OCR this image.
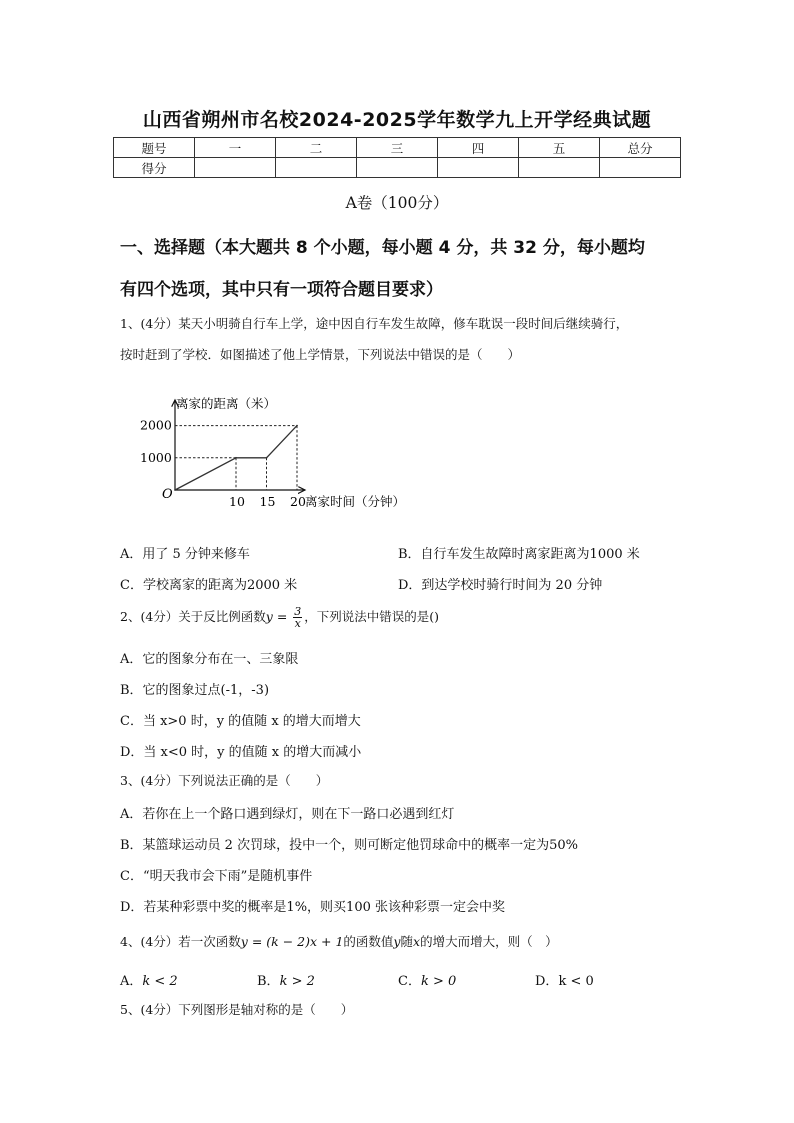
山西省朔州市名校2024-2025学年数学九上开学经典试题
题号	一	二	三	四	五	总分
得分						
A卷（100分）
一、选择题（本大题共 8 个小题，每小题 4 分，共 32 分，每小题均
有四个选项，其中只有一项符合题目要求）
1、(4分）某天小明骑自行车上学，途中因自行车发生故障，修车耽误一段时间后继续骑行，
按时赶到了学校．如图描述了他上学情景，下列说法中错误的是（　　）
离家的距离（米）
离家时间（分钟）
O	10 15 20
1000
2000
A．用了 5 分钟来修车	B．自行车发生故障时离家距离为1000 米
C．学校离家的距离为2000 米	D．到达学校时骑行时间为 20 分钟
2、(4分）关于反比例函数$y = \frac{3}{x}$ ，下列说法中错误的是()
A．它的图象分布在一、三象限
B．它的图象过点(-1，-3)
C．当 x>0 时，y 的值随 x 的增大而增大
D．当 x<0 时，y 的值随 x 的增大而减小
3、(4分）下列说法正确的是（　　）
A．若你在上一个路口遇到绿灯，则在下一路口必遇到红灯
B．某篮球运动员 2 次罚球，投中一个，则可断定他罚球命中的概率一定为50%
C．“明天我市会下雨”是随机事件
D．若某种彩票中奖的概率是1%，则买100 张该种彩票一定会中奖
4、(4分）若一次函数y = (k − 2)x + 1的函数值y随x的增大而增大，则（　）
A．k < 2	B．k > 2	C．k > 0	D．k < 0
5、(4分）下列图形是轴对称的是（　　）
